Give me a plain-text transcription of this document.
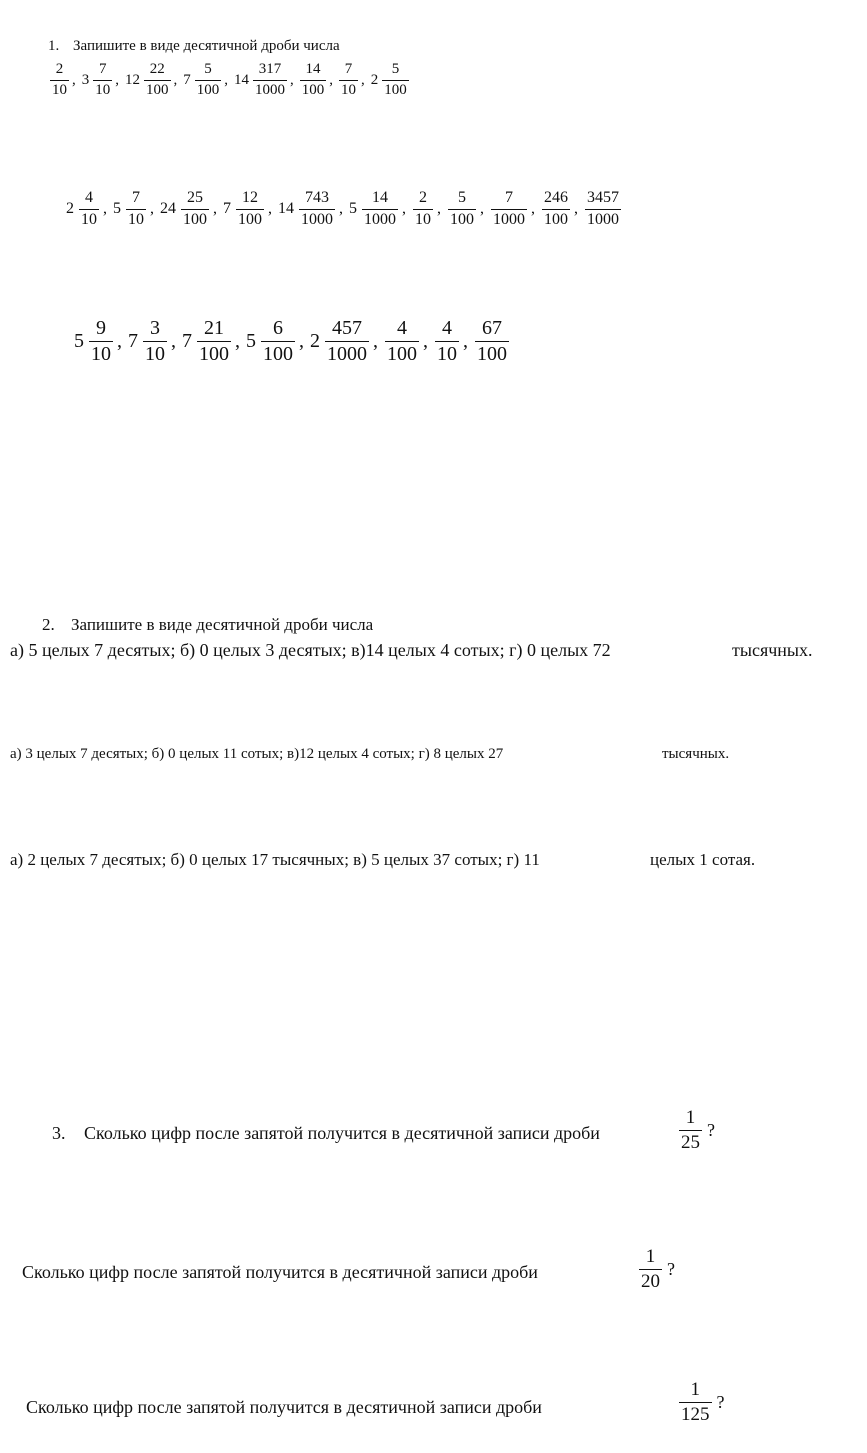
1. Запишите в виде десятичной дроби числа
$\frac{2}{10}$ , $3 \frac{7}{10}$ , $12 \frac{22}{100}$ , $7 \frac{5}{100}$ , $14 \frac{317}{1000}$ , $\frac{14}{100}$ , $\frac{7}{10}$ , $2 \frac{5}{100}$
$2 \frac{4}{10}$ , $5 \frac{7}{10}$ , $24 \frac{25}{100}$ , $7 \frac{12}{100}$ , $14 \frac{743}{1000}$ , $5 \frac{14}{1000}$ , $\frac{2}{10}$ , $\frac{5}{100}$ , $\frac{7}{1000}$ , $\frac{246}{100}$ , $\frac{3457}{1000}$
$5 \frac{9}{10}$ , $7 \frac{3}{10}$ , $7 \frac{21}{100}$ , $5 \frac{6}{100}$ , $2 \frac{457}{1000}$ , $\frac{4}{100}$ , $\frac{4}{10}$ , $\frac{67}{100}$
2. Запишите в виде десятичной дроби числа
а) 5 целых 7 десятых; б) 0 целых 3 десятых; в)14 целых 4 сотых; г) 0 целых 72	тысячных.
а) 3 целых 7 десятых; б) 0 целых 11 сотых; в)12 целых 4 сотых; г) 8 целых 27	тысячных.
а) 2 целых 7 десятых; б) 0 целых 17 тысячных; в) 5 целых 37 сотых; г) 11	целых 1 сотая.
3. Сколько цифр после запятой получится в десятичной записи дроби	$\frac{1}{25}$ ?
Сколько цифр после запятой получится в десятичной записи дроби	$\frac{1}{20}$ ?
Сколько цифр после запятой получится в десятичной записи дроби	$\frac{1}{125}$ ?
